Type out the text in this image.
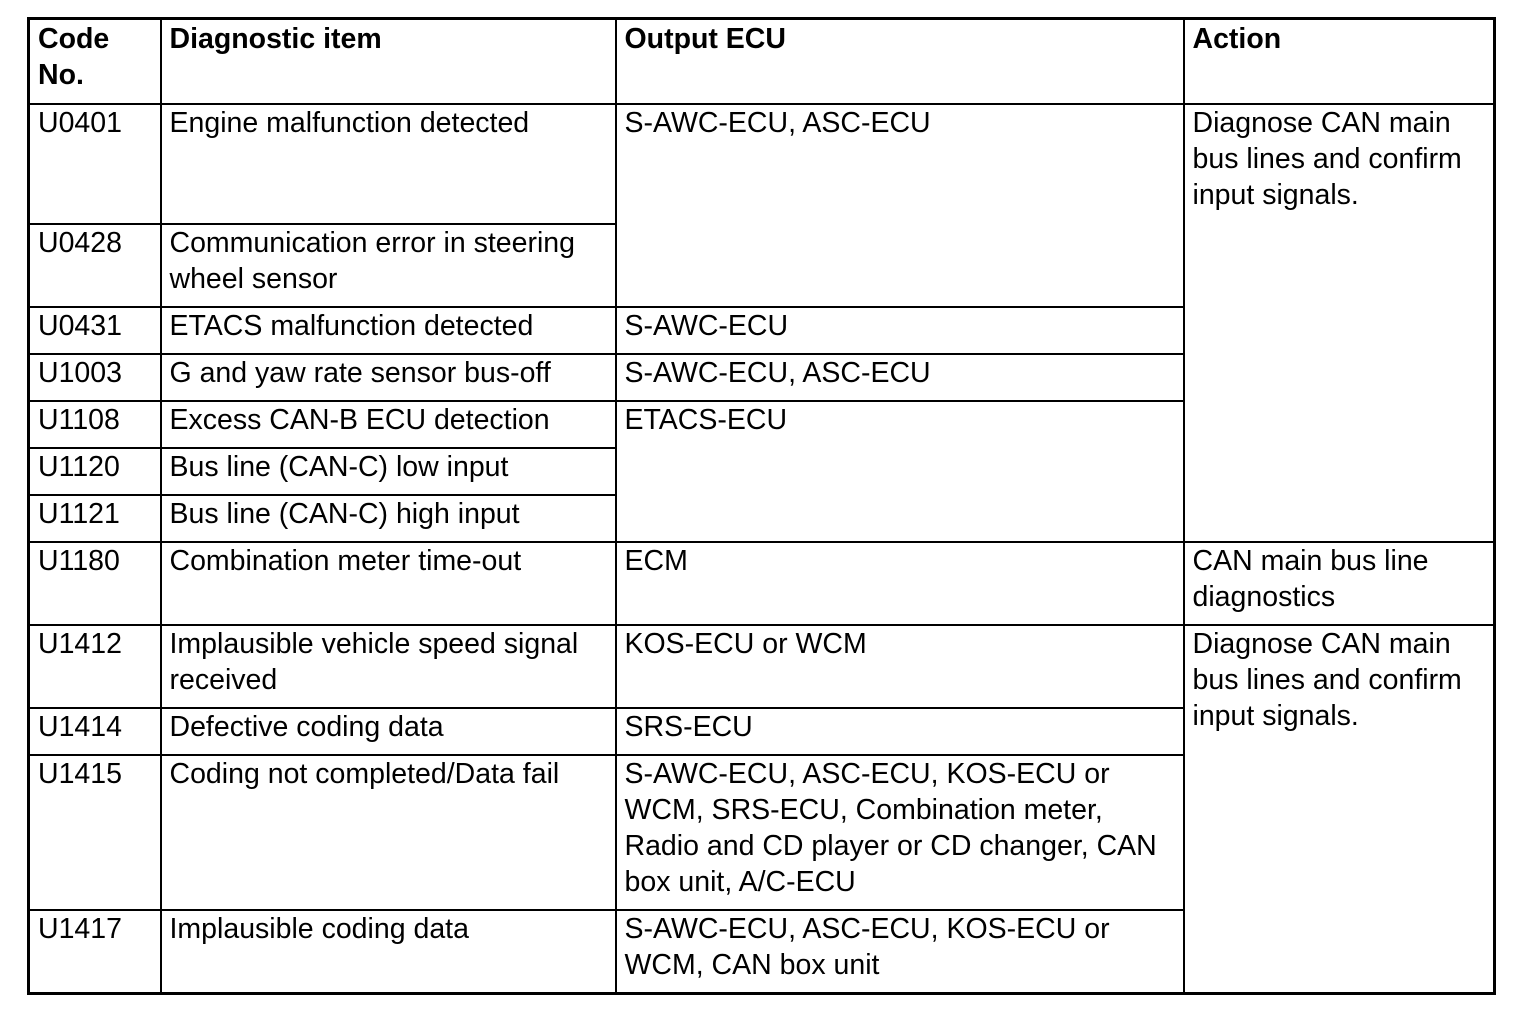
Code No.	Diagnostic item	Output ECU	Action
U0401	Engine malfunction detected	S-AWC-ECU, ASC-ECU	Diagnose CAN main bus lines and confirm input signals.
U0428	Communication error in steering wheel sensor		
U0431	ETACS malfunction detected	S-AWC-ECU	
U1003	G and yaw rate sensor bus-off	S-AWC-ECU, ASC-ECU	
U1108	Excess CAN-B ECU detection	ETACS-ECU	
U1120	Bus line (CAN-C) low input		
U1121	Bus line (CAN-C) high input		
U1180	Combination meter time-out	ECM	CAN main bus line diagnostics
U1412	Implausible vehicle speed signal received	KOS-ECU or WCM	Diagnose CAN main bus lines and confirm input signals.
U1414	Defective coding data	SRS-ECU	
U1415	Coding not completed/Data fail	S-AWC-ECU, ASC-ECU, KOS-ECU or WCM, SRS-ECU, Combination meter, Radio and CD player or CD changer, CAN box unit, A/C-ECU	
U1417	Implausible coding data	S-AWC-ECU, ASC-ECU, KOS-ECU or WCM, CAN box unit	
